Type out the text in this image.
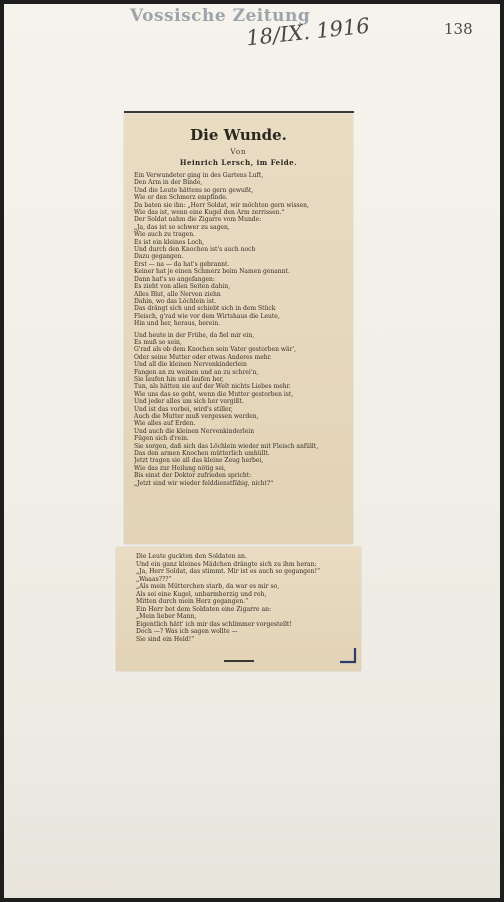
Vossische Zeitung
18/IX. 1916	138
Die Wunde.
Von
Heinrich Lersch, im Felde.
Ein Verwundeter ging in des Gartens Luft,
Den Arm in der Binde,
Und die Leute hättens so gern gewußt,
Wie er den Schmerz empfinde.
Da baten sie ihn: „Herr Soldat, wir möchten gern wissen,
Wie das ist, wenn eine Kugel den Arm zerrissen.“
Der Soldat nahm die Zigarre vom Munde:
„Ja, das ist so schwer zu sagen,
Wie auch zu tragen.
Es ist ein kleines Loch,
Und durch den Knochen ist's auch noch
Dazu gegangen.
Erst — na — da hat's gebrannt.
Keiner hat je einen Schmerz beim Namen genannt.
Dann hat's so angefangen:
Es zieht von allen Seiten dahin,
Alles Blut, alle Nerven ziehn
Dahin, wo das Löchlein ist.
Das drängt sich und schiebt sich in dem Stück
Fleisch, g'rad wie vor dem Wirtshaus die Leute,
Hin und her, heraus, herein.
Und heute in der Frühe, da fiel mir ein,
Es muß so sein,
G'rad als ob dem Knochen sein Vater gestorben wär',
Oder seine Mutter oder etwas Anderes mehr.
Und all die kleinen Nervenkinderlein
Fangen an zu weinen und an zu schrei'n,
Sie laufen hin und laufen her,
Tun, als hätten sie auf der Welt nichts Liebes mehr.
Wie uns das so geht, wenn die Mutter gestorben ist,
Und jeder alles um sich her vergißt.
Und ist das vorbei, wird's stiller,
Auch die Mutter muß vergessen werden,
Wie alles auf Erden.
Und auch die kleinen Nervenkinderlein
Fügen sich d'rein.
Sie sorgen, daß sich das Löchlein wieder mit Fleisch anfüllt,
Das den armen Knochen mütterlich umhüllt.
Jetzt tragen sie all das kleine Zeug herbei,
Wie das zur Heilung nötig sei,
Bis einst der Doktor zufrieden spricht:
„Jetzt sind wir wieder felddienstfähig, nicht?“
Die Leute guckten den Soldaten an.
Und ein ganz kleines Mädchen drängte sich zu ihm heran:
„Ja, Herr Soldat, das stimmt. Mir ist es auch so gegangen!“
„Waaas???“
„Als mein Mütterchen starb, da war es mir so,
Als sei eine Kugel, unbarmherzig und roh,
Mitten durch mein Herz gegangen.“
Ein Herr bot dem Soldaten eine Zigarre an:
„Mein lieber Mann,
Eigentlich hätt' ich mir das schlimmer vorgestellt!
Doch —? Was ich sagen wollte —
Sie sind ein Held!“
